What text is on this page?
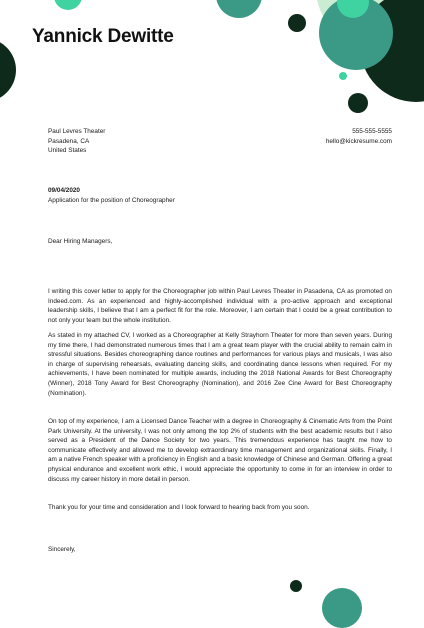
Yannick Dewitte
Paul Levres Theater
Pasadena, CA
United States
555-555-5555
hello@kickresume.com
09/04/2020
Application for the position of Choreographer
Dear Hiring Managers,
I writing this cover letter to apply for the Choreographer job within Paul Levres Theater in Pasadena, CA as promoted on Indeed.com. As an experienced and highly-accomplished individual with a pro-active approach and exceptional leadership skills, I believe that I am a perfect fit for the role. Moreover, I am certain that I could be a great contribution to not only your team but the whole institution.
As stated in my attached CV, I worked as a Choreographer at Kelly Strayhorn Theater for more than seven years. During my time there, I had demonstrated numerous times that I am a great team player with the crucial ability to remain calm in stressful situations. Besides choreographing dance routines and performances for various plays and musicals, I was also in charge of supervising rehearsals, evaluating dancing skills, and coordinating dance lessons when required. For my achievements, I have been nominated for multiple awards, including the 2018 National Awards for Best Choreography (Winner), 2018 Tony Award for Best Choreography (Nomination), and 2016 Zee Cine Award for Best Choreography (Nomination).
On top of my experience, I am a Licensed Dance Teacher with a degree in Choreography & Cinematic Arts from the Point Park University. At the university, I was not only among the top 2% of students with the best academic results but I also served as a President of the Dance Society for two years. This tremendous experience has taught me how to communicate effectively and allowed me to develop extraordinary time management and organizational skills. Finally, I am a native French speaker with a proficiency in English and a basic knowledge of Chinese and German. Offering a great physical endurance and excellent work ethic, I would appreciate the opportunity to come in for an interview in order to discuss my career history in more detail in person.
Thank you for your time and consideration and I look forward to hearing back from you soon.
Sincerely,
